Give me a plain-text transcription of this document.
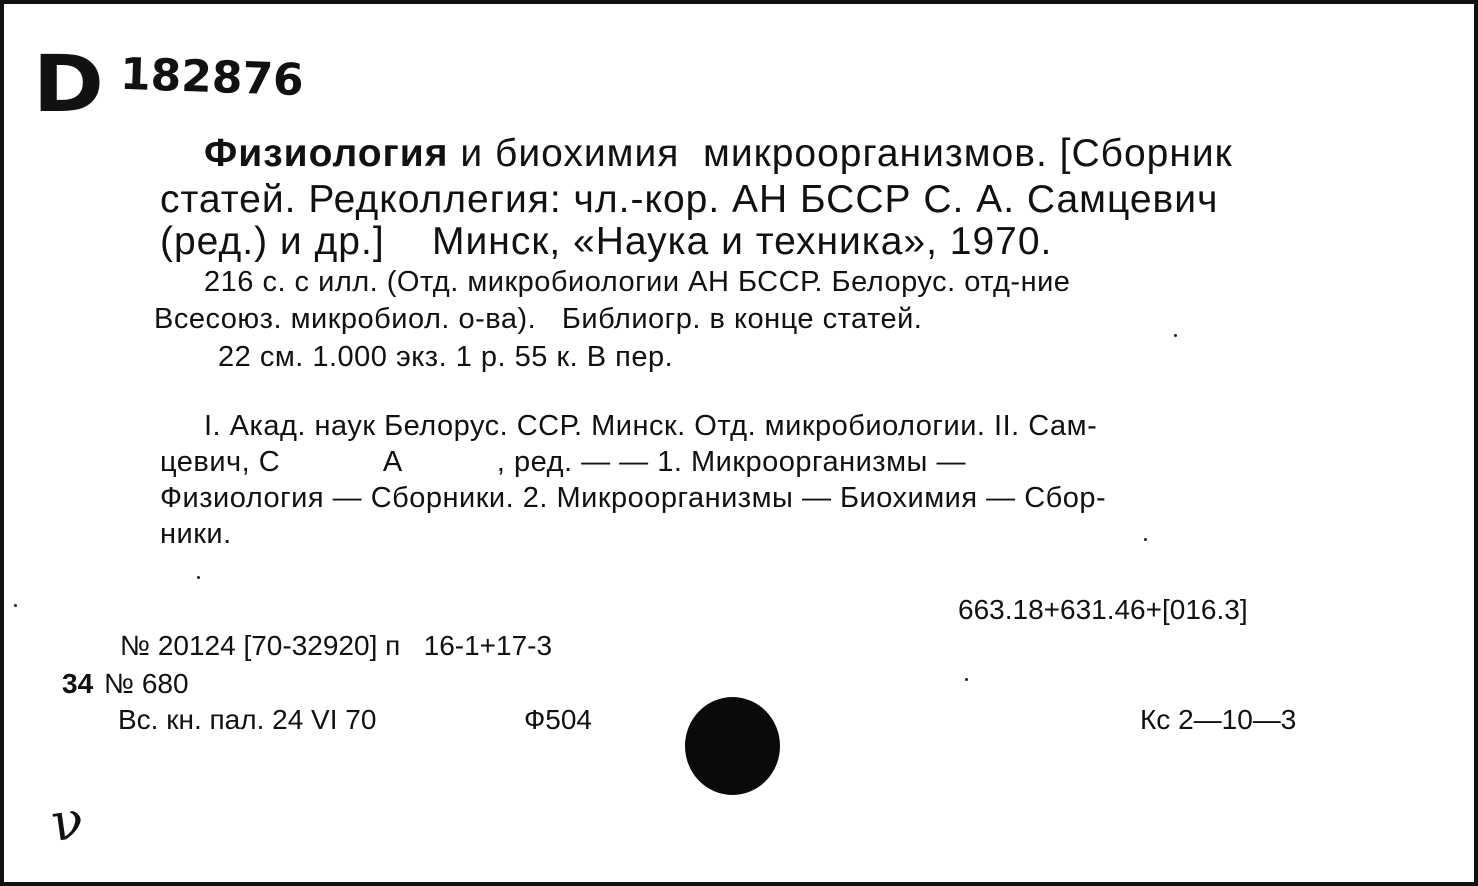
D 182876
Физиология и биохимия  микроорганизмов. [Сборник
статей. Редколлегия: чл.-кор. АН БССР С. А. Самцевич
(ред.) и др.]    Минск, «Наука и техника», 1970.
216 с. с илл. (Отд. микробиологии АН БССР. Белорус. отд-ние
Всесоюз. микробиол. о-ва).   Библиогр. в конце статей.
22 см. 1.000 экз. 1 р. 55 к. В пер.
I. Акад. наук Белорус. ССР. Минск. Отд. микробиологии. II. Сам-
цевич, С            А           , ред. — — 1. Микроорганизмы —
Физиология — Сборники. 2. Микроорганизмы — Биохимия — Сбор-
ники.
663.18+631.46+[016.3]
№ 20124 [70-32920] п   16-1+17-3
34 № 680
Вс. кн. пал. 24 VI 70	Ф504	Кс 2—10—3
ν
